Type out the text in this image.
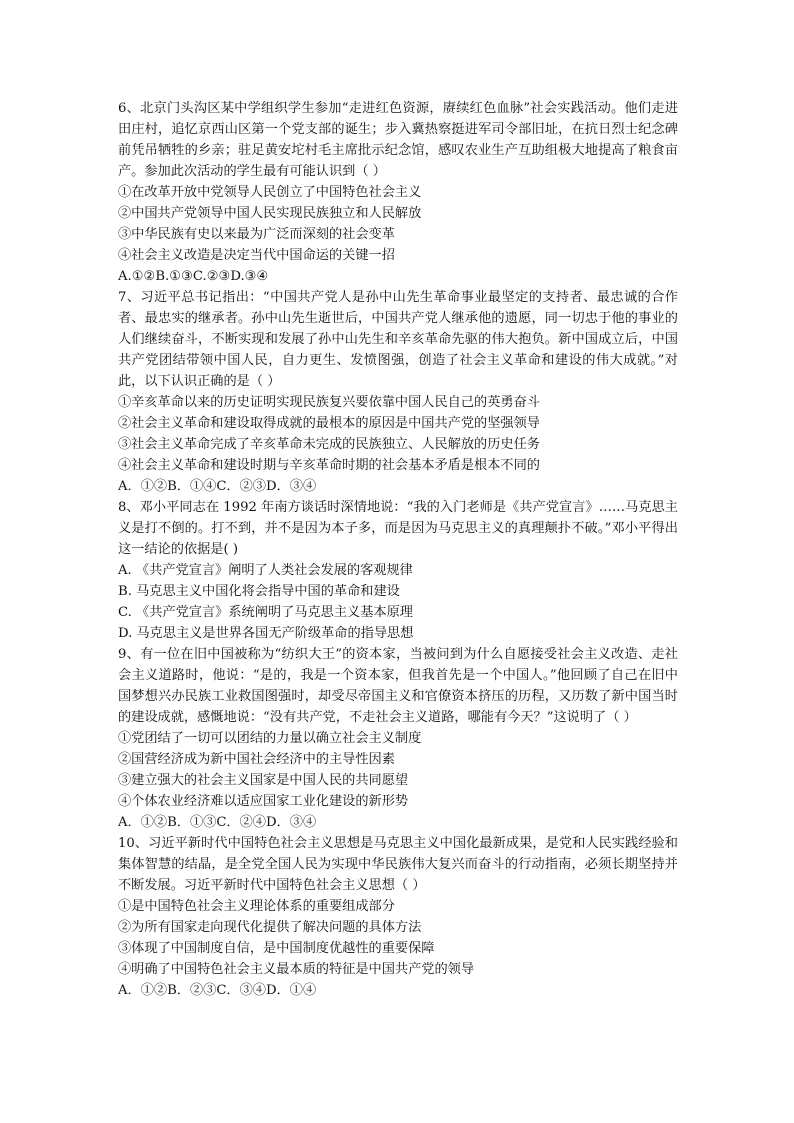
6、北京门头沟区某中学组织学生参加“走进红色资源，赓续红色血脉”社会实践活动。他们走进田庄村，追忆京西山区第一个党支部的诞生；步入冀热察挺进军司令部旧址，在抗日烈士纪念碑前凭吊牺牲的乡亲；驻足黄安坨村毛主席批示纪念馆，感叹农业生产互助组极大地提高了粮食亩产。参加此次活动的学生最有可能认识到（ ）

①在改革开放中党领导人民创立了中国特色社会主义

②中国共产党领导中国人民实现民族独立和人民解放

③中华民族有史以来最为广泛而深刻的社会变革

④社会主义改造是决定当代中国命运的关键一招

A.①②B.①③C.②③D.③④

7、习近平总书记指出：“中国共产党人是孙中山先生革命事业最坚定的支持者、最忠诚的合作者、最忠实的继承者。孙中山先生逝世后，中国共产党人继承他的遗愿，同一切忠于他的事业的人们继续奋斗，不断实现和发展了孙中山先生和辛亥革命先驱的伟大抱负。新中国成立后，中国共产党团结带领中国人民，自力更生、发愤图强，创造了社会主义革命和建设的伟大成就。”对此，以下认识正确的是（ ）

①辛亥革命以来的历史证明实现民族复兴要依靠中国人民自己的英勇奋斗

②社会主义革命和建设取得成就的最根本的原因是中国共产党的坚强领导

③社会主义革命完成了辛亥革命未完成的民族独立、人民解放的历史任务

④社会主义革命和建设时期与辛亥革命时期的社会基本矛盾是根本不同的

A．①②B．①④C．②③D．③④

8、邓小平同志在 1992 年南方谈话时深情地说：“我的入门老师是《共产党宣言》……马克思主义是打不倒的。打不到，并不是因为本子多，而是因为马克思主义的真理颠扑不破。”邓小平得出这一结论的依据是( )

A. 《共产党宣言》阐明了人类社会发展的客观规律

B. 马克思主义中国化将会指导中国的革命和建设

C. 《共产党宣言》系统阐明了马克思主义基本原理

D. 马克思主义是世界各国无产阶级革命的指导思想

9、有一位在旧中国被称为“纺织大王”的资本家，当被问到为什么自愿接受社会主义改造、走社会主义道路时，他说：“是的，我是一个资本家，但我首先是一个中国人。”他回顾了自己在旧中国梦想兴办民族工业救国图强时，却受尽帝国主义和官僚资本挤压的历程，又历数了新中国当时的建设成就，感慨地说：“没有共产党，不走社会主义道路，哪能有今天？”这说明了（ ）

①党团结了一切可以团结的力量以确立社会主义制度

②国营经济成为新中国社会经济中的主导性因素

③建立强大的社会主义国家是中国人民的共同愿望

④个体农业经济难以适应国家工业化建设的新形势

A．①②B．①③C．②④D．③④

10、习近平新时代中国特色社会主义思想是马克思主义中国化最新成果，是党和人民实践经验和集体智慧的结晶，是全党全国人民为实现中华民族伟大复兴而奋斗的行动指南，必须长期坚持并不断发展。习近平新时代中国特色社会主义思想（ ）

①是中国特色社会主义理论体系的重要组成部分

②为所有国家走向现代化提供了解决问题的具体方法

③体现了中国制度自信，是中国制度优越性的重要保障

④明确了中国特色社会主义最本质的特征是中国共产党的领导

A．①②B．②③C．③④D．①④
